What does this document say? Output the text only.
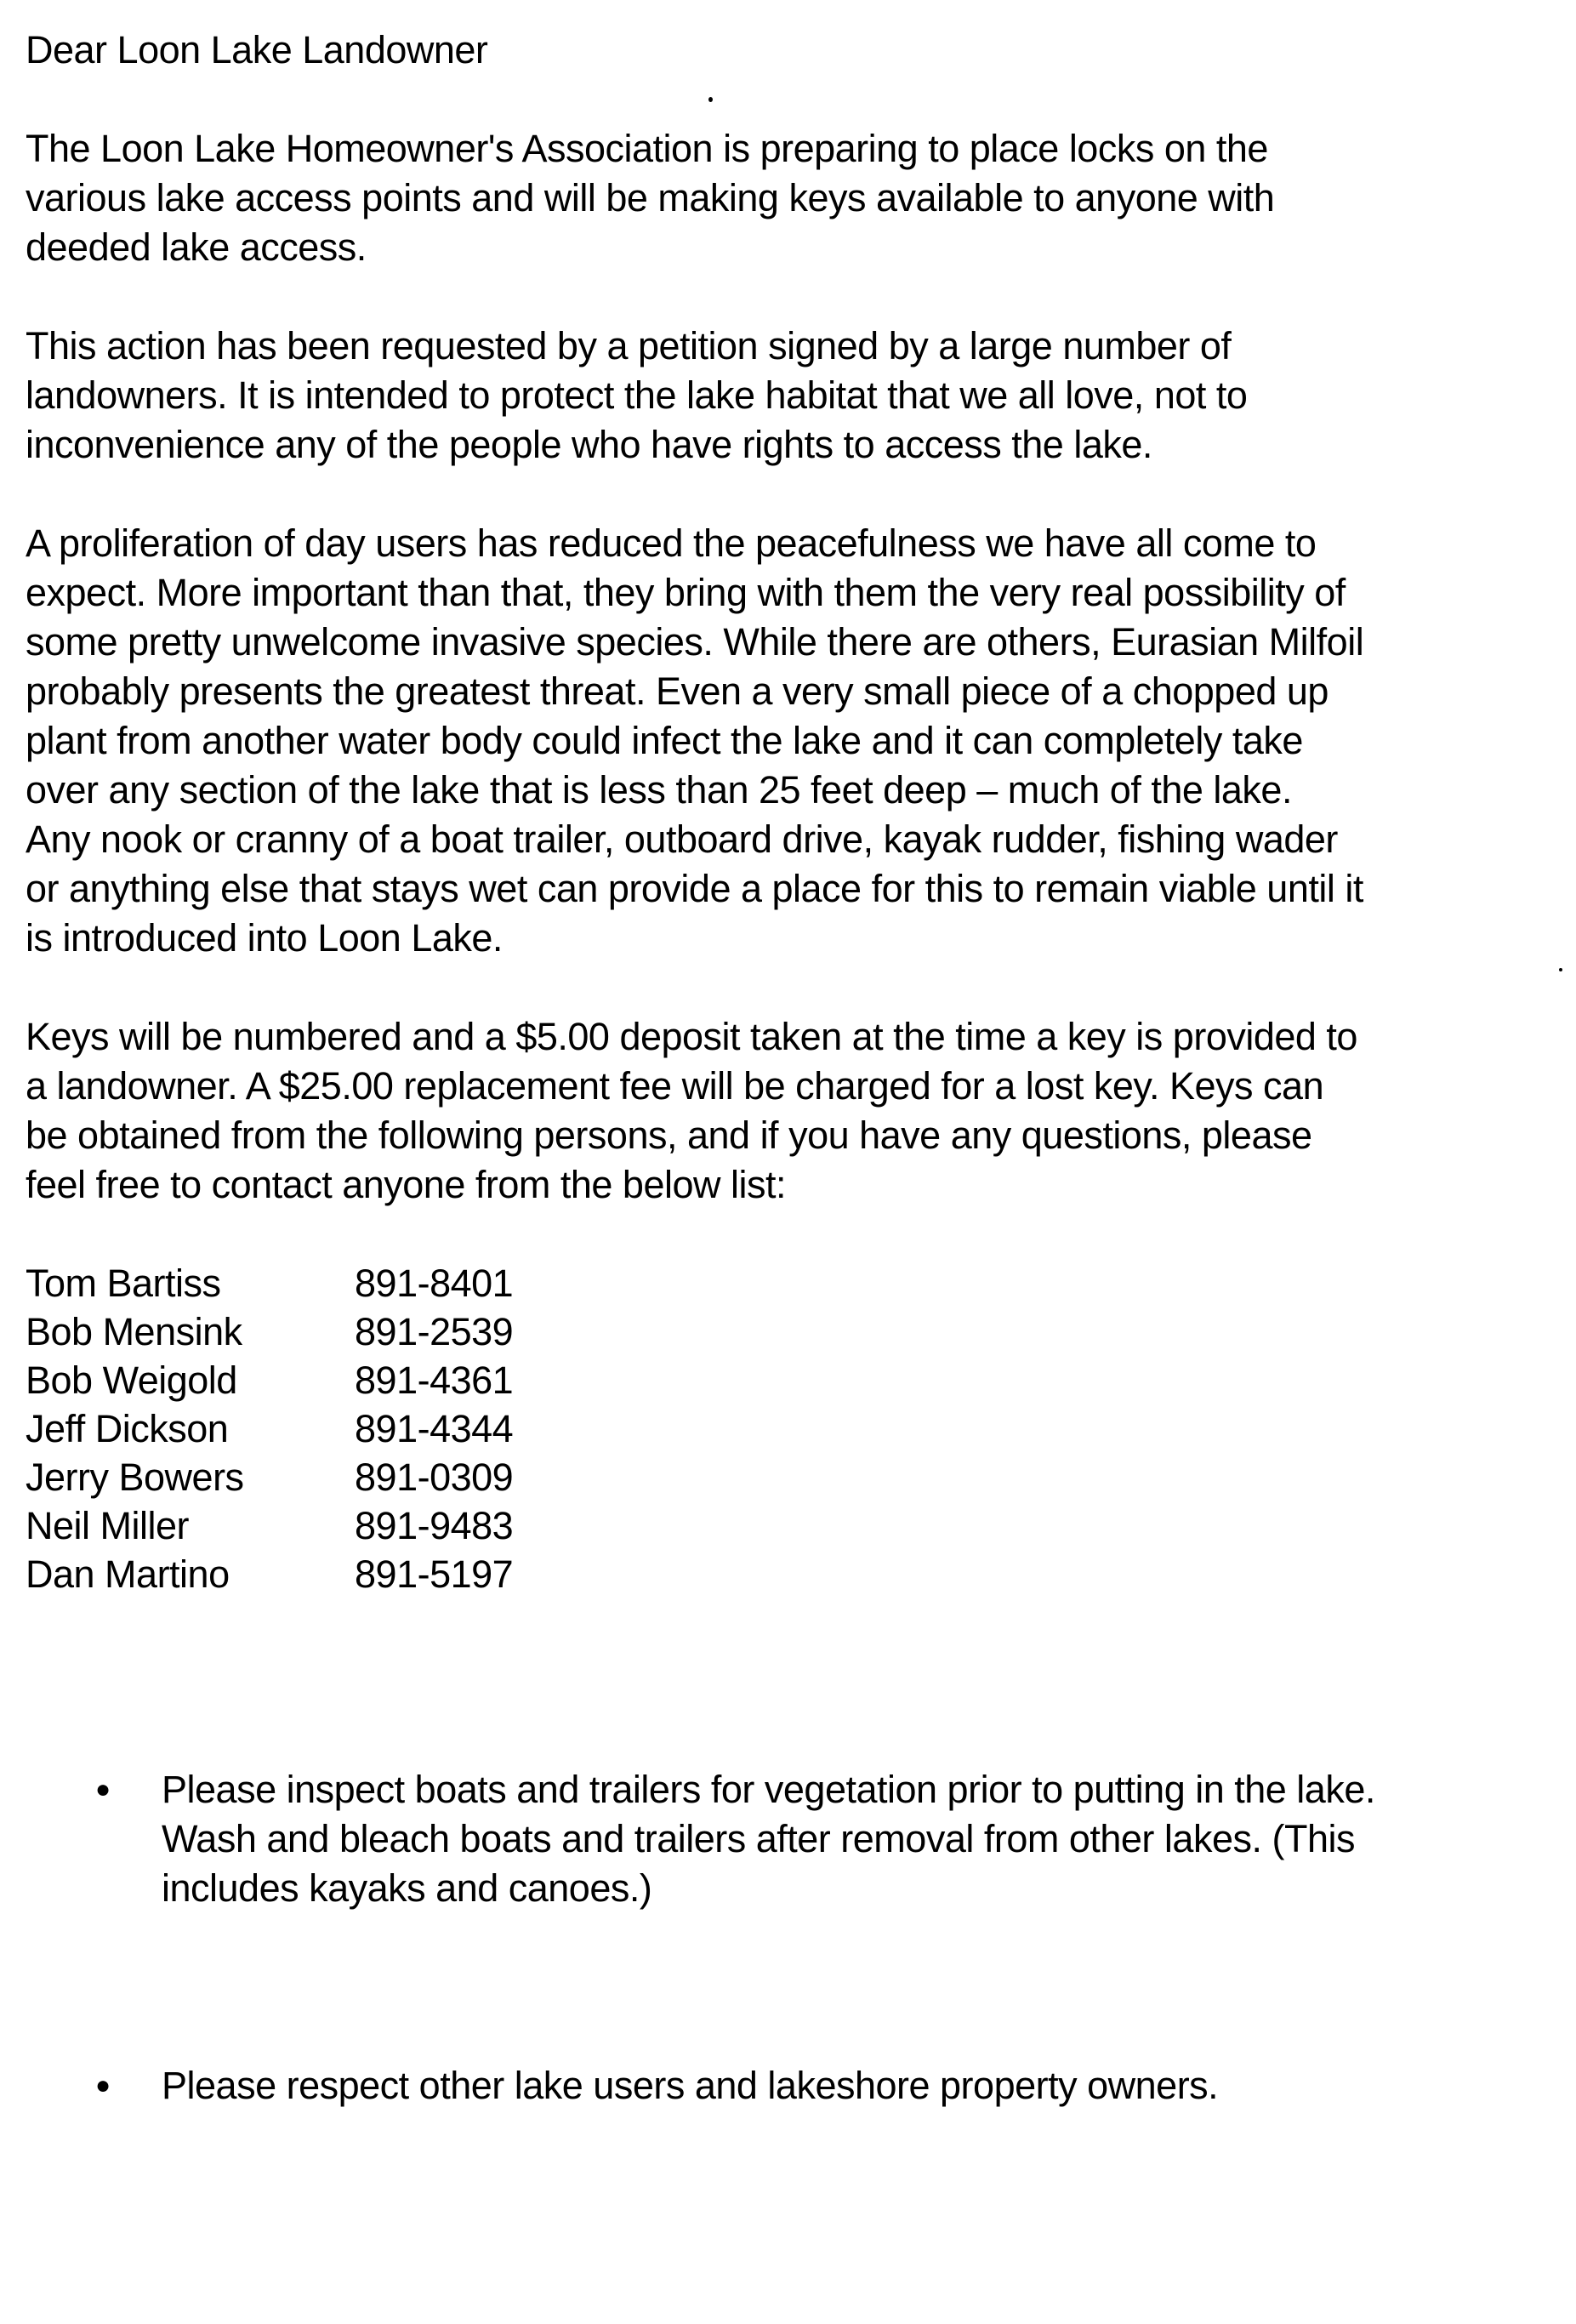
Dear Loon Lake Landowner

The Loon Lake Homeowner's Association is preparing to place locks on the
various lake access points and will be making keys available to anyone with
deeded lake access.

This action has been requested by a petition signed by a large number of
landowners. It is intended to protect the lake habitat that we all love, not to
inconvenience any of the people who have rights to access the lake.

A proliferation of day users has reduced the peacefulness we have all come to
expect. More important than that, they bring with them the very real possibility of
some pretty unwelcome invasive species. While there are others, Eurasian Milfoil
probably presents the greatest threat. Even a very small piece of a chopped up
plant from another water body could infect the lake and it can completely take
over any section of the lake that is less than 25 feet deep – much of the lake.
Any nook or cranny of a boat trailer, outboard drive, kayak rudder, fishing wader
or anything else that stays wet can provide a place for this to remain viable until it
is introduced into Loon Lake.

Keys will be numbered and a $5.00 deposit taken at the time a key is provided to
a landowner. A $25.00 replacement fee will be charged for a lost key. Keys can
be obtained from the following persons, and if you have any questions, please
feel free to contact anyone from the below list:

Tom Bartiss	891-8401
Bob Mensink	891-2539
Bob Weigold	891-4361
Jeff Dickson	891-4344
Jerry Bowers	891-0309
Neil Miller	891-9483
Dan Martino	891-5197
●	Please inspect boats and trailers for vegetation prior to putting in the lake.
Wash and bleach boats and trailers after removal from other lakes. (This
includes kayaks and canoes.)
●	Please respect other lake users and lakeshore property owners.
